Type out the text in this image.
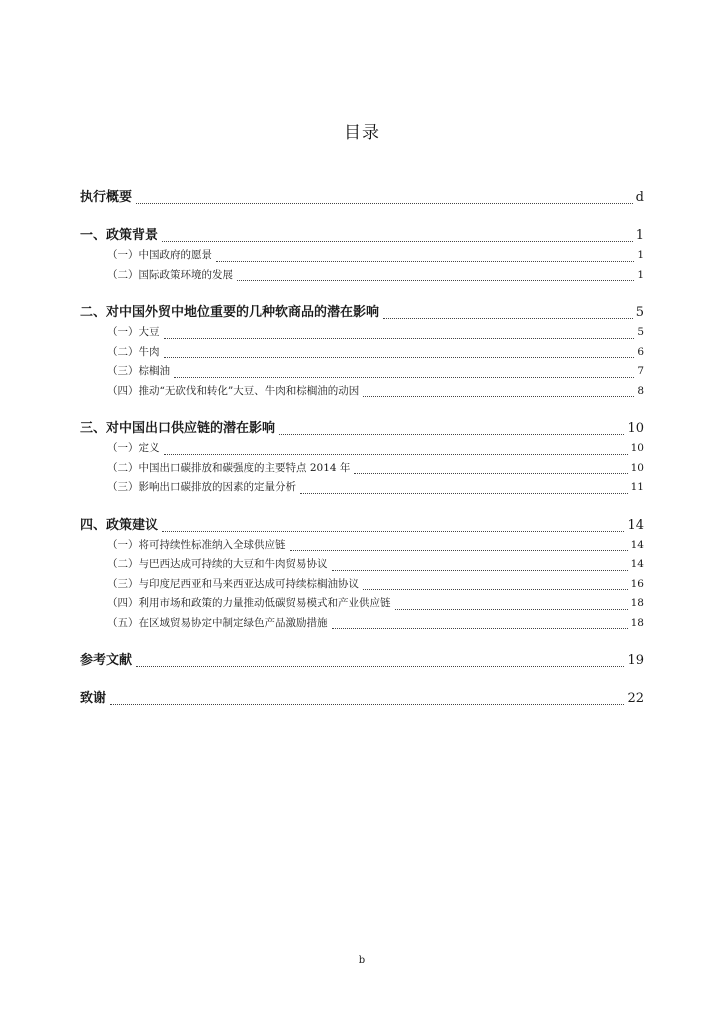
目录
执行概要	d
一、政策背景	1
（一）中国政府的愿景	1
（二）国际政策环境的发展	1
二、对中国外贸中地位重要的几种软商品的潜在影响	5
（一）大豆	5
（二）牛肉	6
（三）棕榈油	7
（四）推动“无砍伐和转化”大豆、牛肉和棕榈油的动因	8
三、对中国出口供应链的潜在影响	10
（一）定义	10
（二）中国出口碳排放和碳强度的主要特点 2014 年	10
（三）影响出口碳排放的因素的定量分析	11
四、政策建议	14
（一）将可持续性标准纳入全球供应链	14
（二）与巴西达成可持续的大豆和牛肉贸易协议	14
（三）与印度尼西亚和马来西亚达成可持续棕榈油协议	16
（四）利用市场和政策的力量推动低碳贸易模式和产业供应链	18
（五）在区域贸易协定中制定绿色产品激励措施	18
参考文献	19
致谢	22
b
